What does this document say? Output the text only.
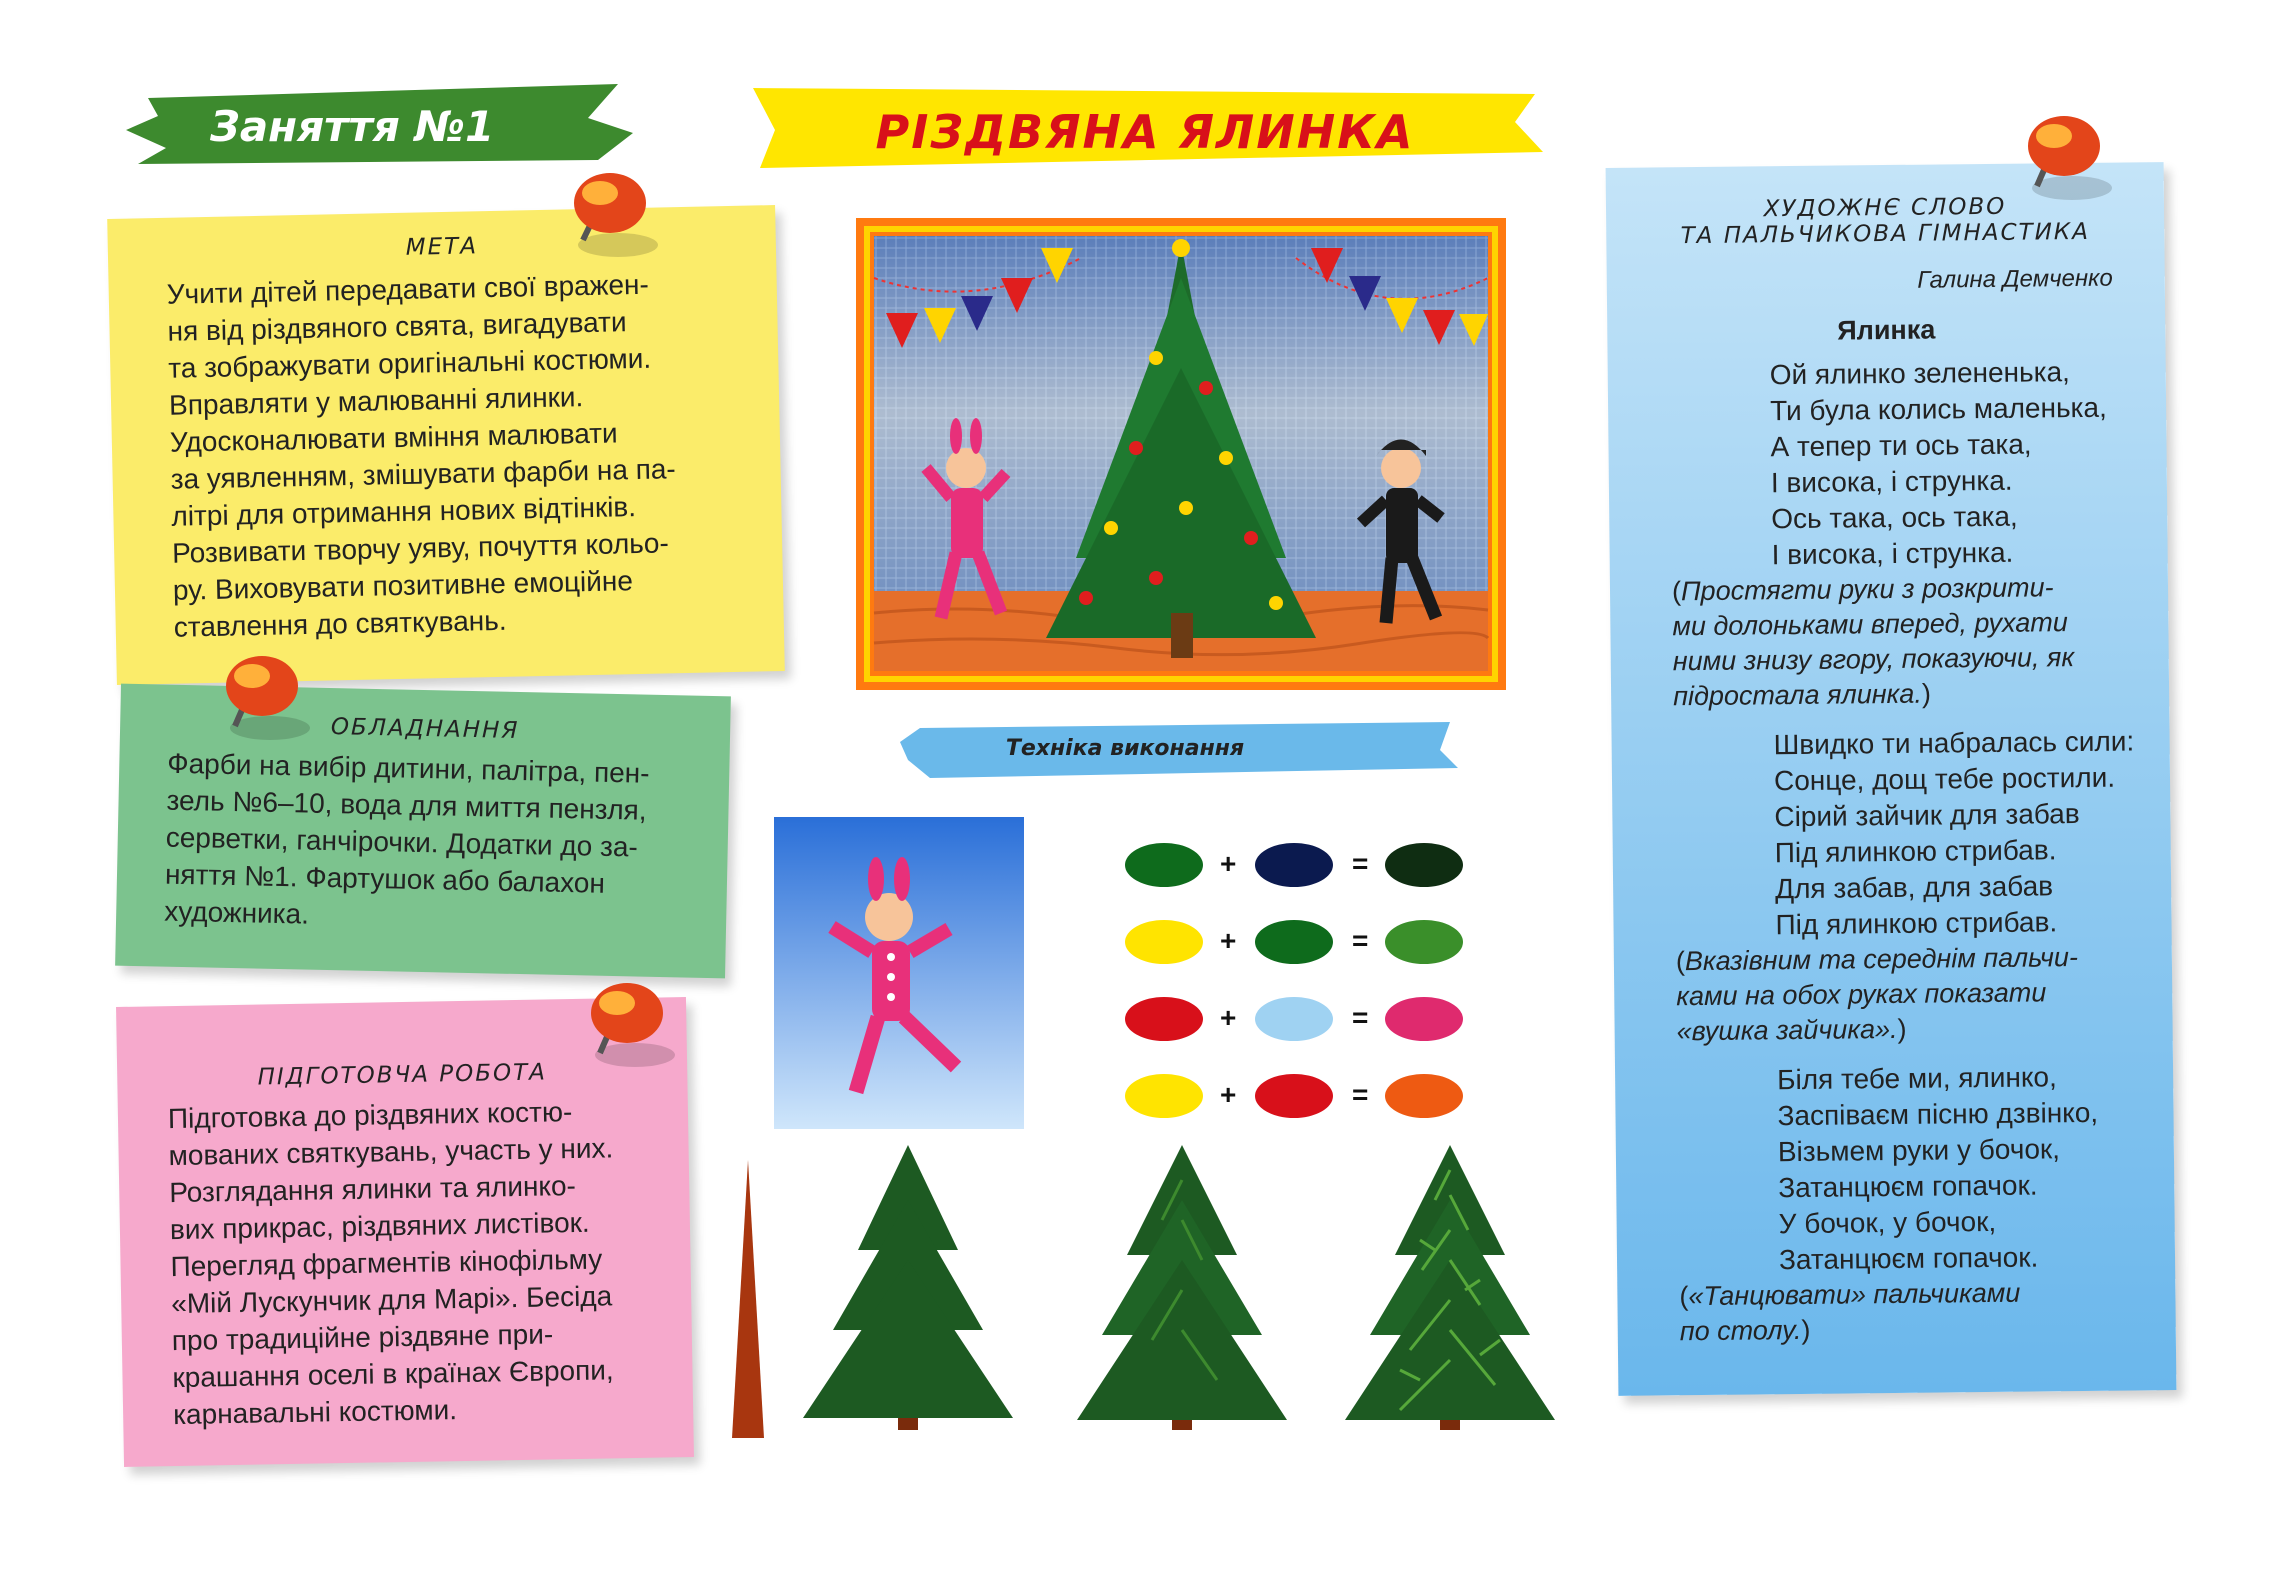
Заняття №1	РІЗДВЯНА ЯЛИНКА
МЕТА

Учити дітей передавати свої вражен-

ня від різдвяного свята, вигадувати

та зображувати оригінальні костюми.

Вправляти у малюванні ялинки.

Удосконалювати вміння малювати

за уявленням, змішувати фарби на па-

літрі для отримання нових відтінків.

Розвивати творчу уяву, почуття кольо-

ру. Виховувати позитивне емоційне

ставлення до святкувань.

ОБЛАДНАННЯ

Фарби на вибір дитини, палітра, пен-

зель №6–10, вода для миття пензля,

серветки, ганчірочки. Додатки до за-

няття №1. Фартушок або балахон

художника.

ПІДГОТОВЧА РОБОТА

Підготовка до різдвяних костю-

мованих святкувань, участь у них.

Розглядання ялинки та ялинко-

вих прикрас, різдвяних листівок.

Перегляд фрагментів кінофільму

«Мій Лускунчик для Марі». Бесіда

про традиційне різдвяне при-

крашання оселі в країнах Європи,

карнавальні костюми.

ХУДОЖНЄ СЛОВО
ТА ПАЛЬЧИКОВА ГІМНАСТИКА
Галина Демченко
Ялинка

Ой ялинко зелененька,

Ти була колись маленька,

А тепер ти ось така,

І висока, і струнка.

Ось така, ось така,

І висока, і струнка.

(Простягти руки з розкрити-
ми долоньками вперед, рухати
ними знизу вгору, показуючи, як
підростала ялинка.)

Швидко ти набралась сили:

Сонце, дощ тебе ростили.

Сірий зайчик для забав

Під ялинкою стрибав.

Для забав, для забав

Під ялинкою стрибав.

(Вказівним та середнім пальчи-
ками на обох руках показати
«вушка зайчика».)

Біля тебе ми, ялинко,

Заспіваєм пісню дзвінко,

Візьмем руки у бочок,

Затанцюєм гопачок.

У бочок, у бочок,

Затанцюєм гопачок.

(«Танцювати» пальчиками
по столу.)
Техніка виконання
+	=
+	=
+	=
+	=
